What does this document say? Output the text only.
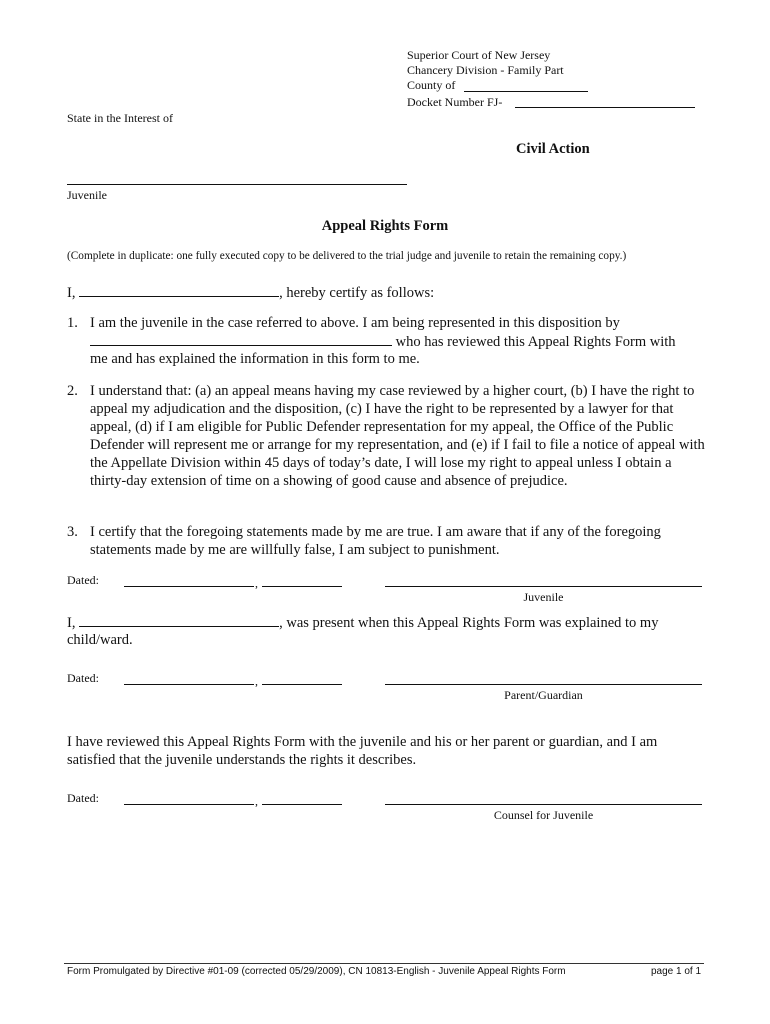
Superior Court of New Jersey
Chancery Division - Family Part
County of
Docket Number FJ-
State in the Interest of
Civil Action
Juvenile
Appeal Rights Form
(Complete in duplicate: one fully executed copy to be delivered to the trial judge and juvenile to retain the remaining copy.)
I,	, hereby certify as follows:
1. I am the juvenile in the case referred to above. I am being represented in this disposition by
who has reviewed this Appeal Rights Form with
me and has explained the information in this form to me.
2. I understand that: (a) an appeal means having my case reviewed by a higher court, (b) I have the right to appeal my adjudication and the disposition, (c) I have the right to be represented by a lawyer for that appeal, (d) if I am eligible for Public Defender representation for my appeal, the Office of the Public Defender will represent me or arrange for my representation, and (e) if I fail to file a notice of appeal with the Appellate Division within 45 days of today’s date, I will lose my right to appeal unless I obtain a thirty-day extension of time on a showing of good cause and absence of prejudice.
3. I certify that the foregoing statements made by me are true. I am aware that if any of the foregoing statements made by me are willfully false, I am subject to punishment.
Dated:	,
Juvenile
I,	, was present when this Appeal Rights Form was explained to my
child/ward.
Dated:	,
Parent/Guardian
I have reviewed this Appeal Rights Form with the juvenile and his or her parent or guardian, and I am satisfied that the juvenile understands the rights it describes.
Dated:	,
Counsel for Juvenile
Form Promulgated by Directive #01-09 (corrected 05/29/2009), CN 10813-English - Juvenile Appeal Rights Form	page 1 of 1
